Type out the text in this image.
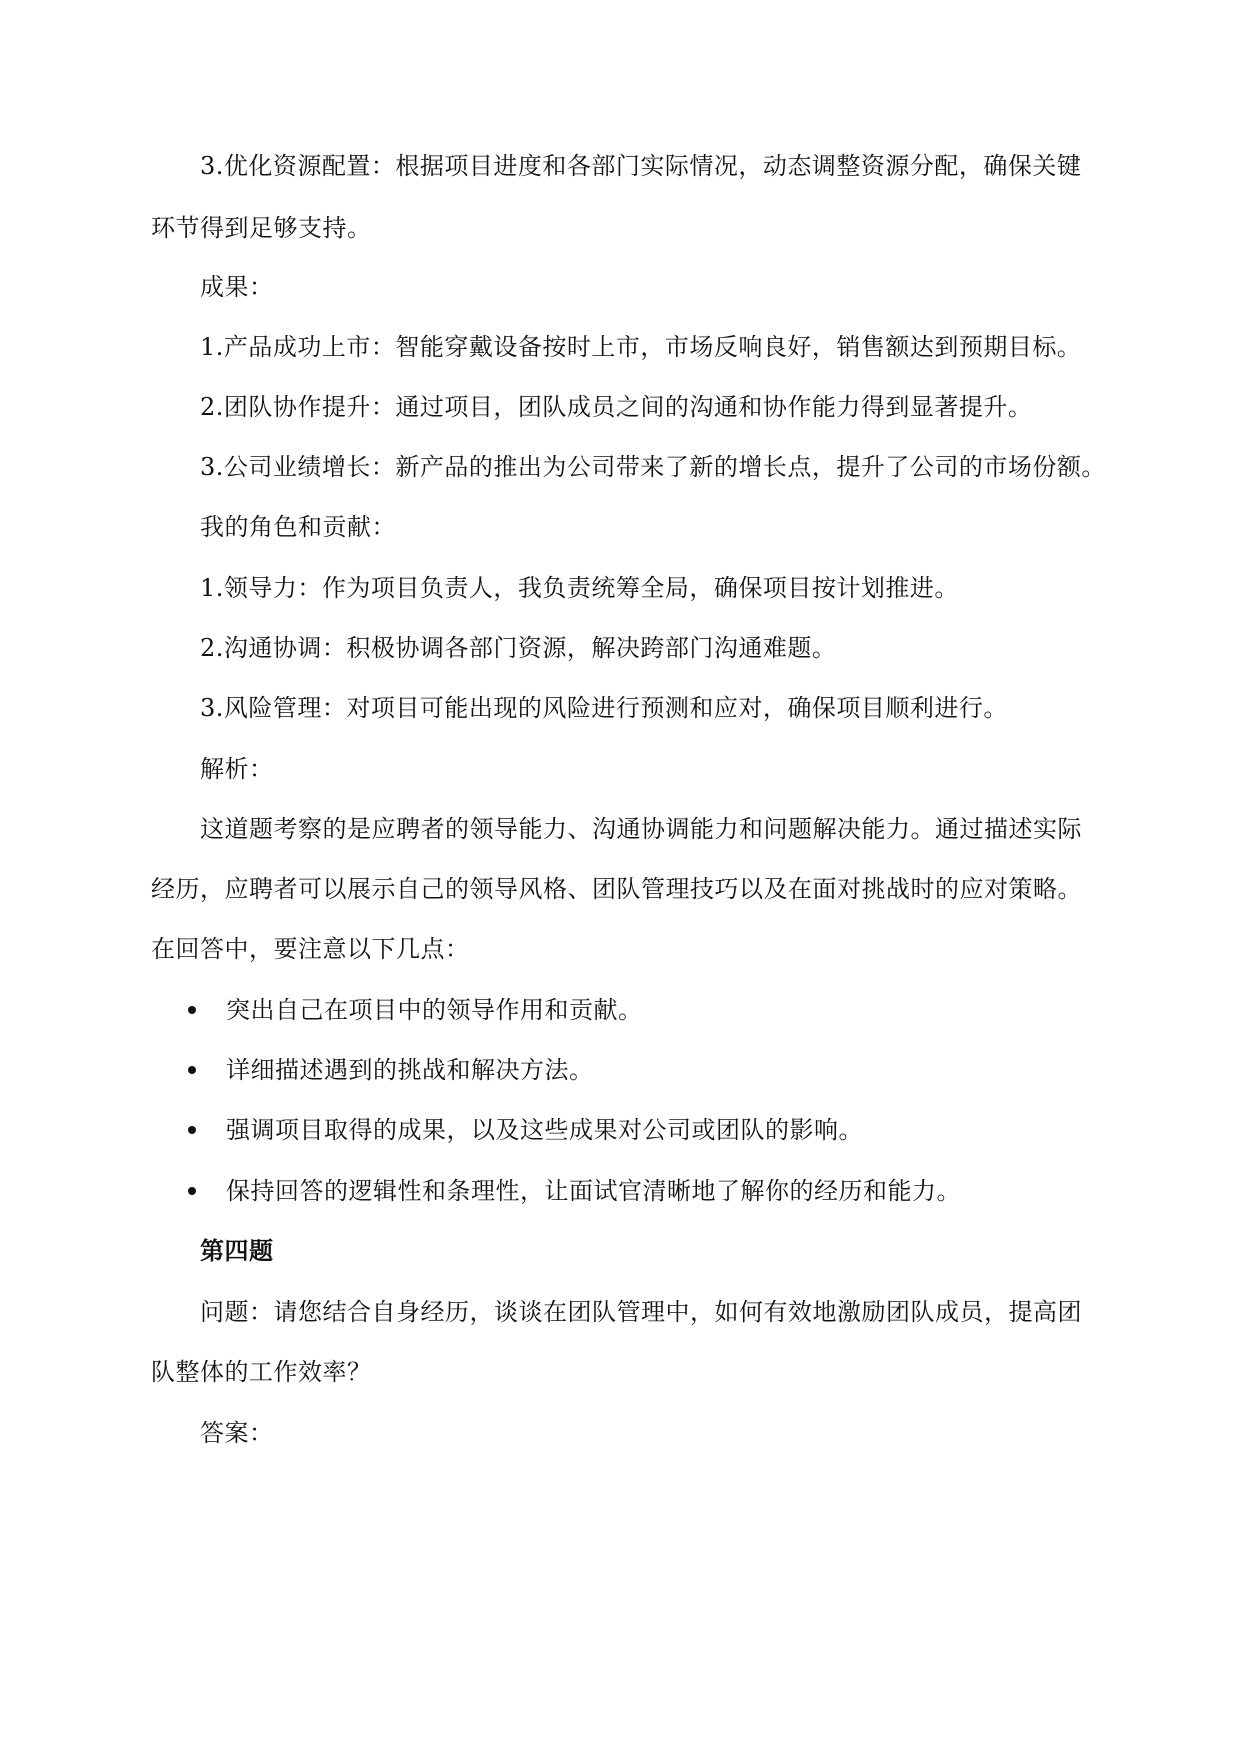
3.优化资源配置：根据项目进度和各部门实际情况，动态调整资源分配，确保关键
环节得到足够支持。
成果：
1.产品成功上市：智能穿戴设备按时上市，市场反响良好，销售额达到预期目标。
2.团队协作提升：通过项目，团队成员之间的沟通和协作能力得到显著提升。
3.公司业绩增长：新产品的推出为公司带来了新的增长点，提升了公司的市场份额。
我的角色和贡献：
1.领导力：作为项目负责人，我负责统筹全局，确保项目按计划推进。
2.沟通协调：积极协调各部门资源，解决跨部门沟通难题。
3.风险管理：对项目可能出现的风险进行预测和应对，确保项目顺利进行。
解析：
这道题考察的是应聘者的领导能力、沟通协调能力和问题解决能力。通过描述实际
经历，应聘者可以展示自己的领导风格、团队管理技巧以及在面对挑战时的应对策略。
在回答中，要注意以下几点：
突出自己在项目中的领导作用和贡献。
详细描述遇到的挑战和解决方法。
强调项目取得的成果，以及这些成果对公司或团队的影响。
保持回答的逻辑性和条理性，让面试官清晰地了解你的经历和能力。
第四题
问题：请您结合自身经历，谈谈在团队管理中，如何有效地激励团队成员，提高团
队整体的工作效率？
答案：
